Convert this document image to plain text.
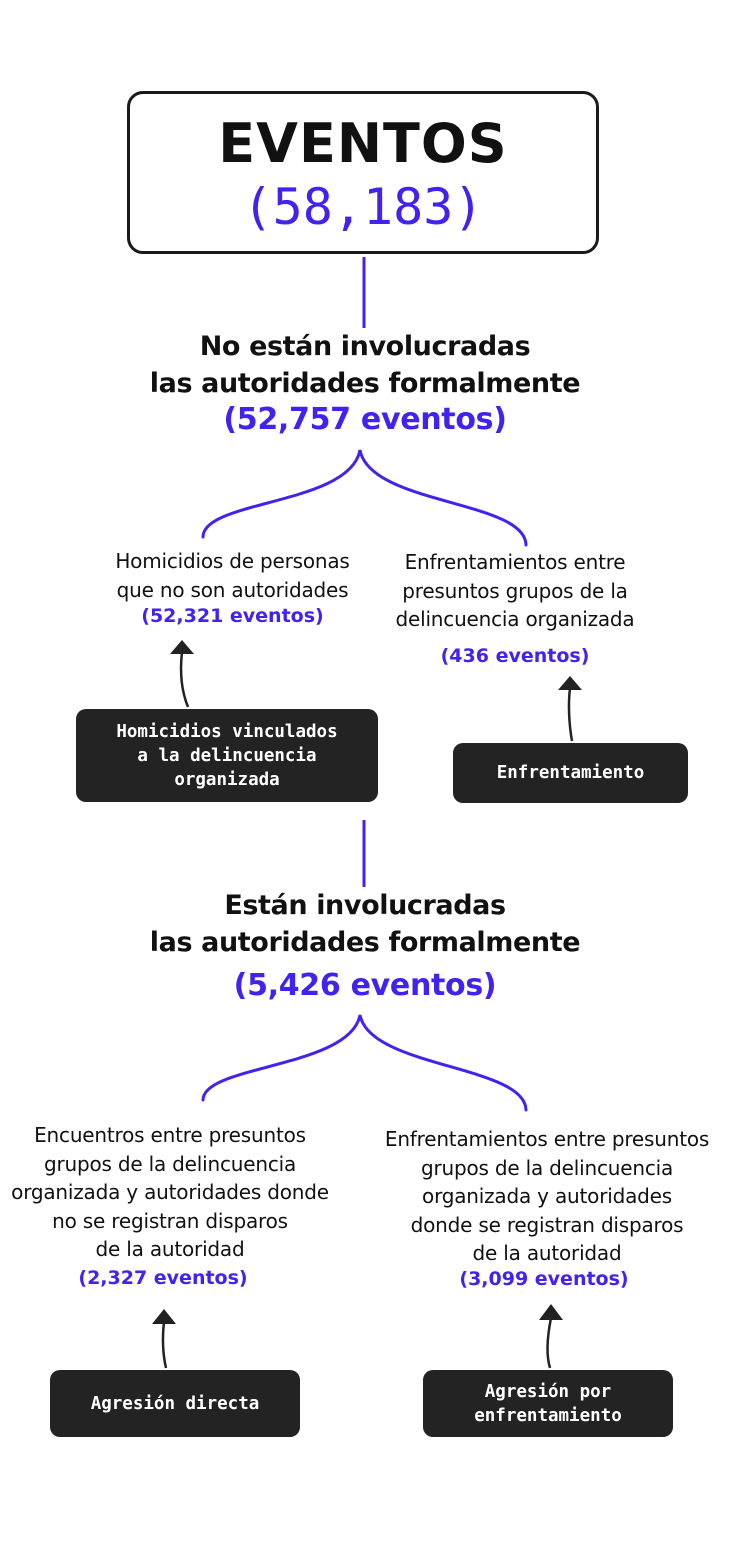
EVENTOS
(58,183)
No están involucradas
las autoridades formalmente
(52,757 eventos)
Homicidios de personas
que no son autoridades
(52,321 eventos)
Homicidios vinculados
a la delincuencia
organizada
Enfrentamientos entre
presuntos grupos de la
delincuencia organizada
(436 eventos)
Enfrentamiento
Están involucradas
las autoridades formalmente
(5,426 eventos)
Encuentros entre presuntos
grupos de la delincuencia
organizada y autoridades donde
no se registran disparos
de la autoridad
(2,327 eventos)
Agresión directa
Enfrentamientos entre presuntos
grupos de la delincuencia
organizada y autoridades
donde se registran disparos
de la autoridad
(3,099 eventos)
Agresión por
enfrentamiento
